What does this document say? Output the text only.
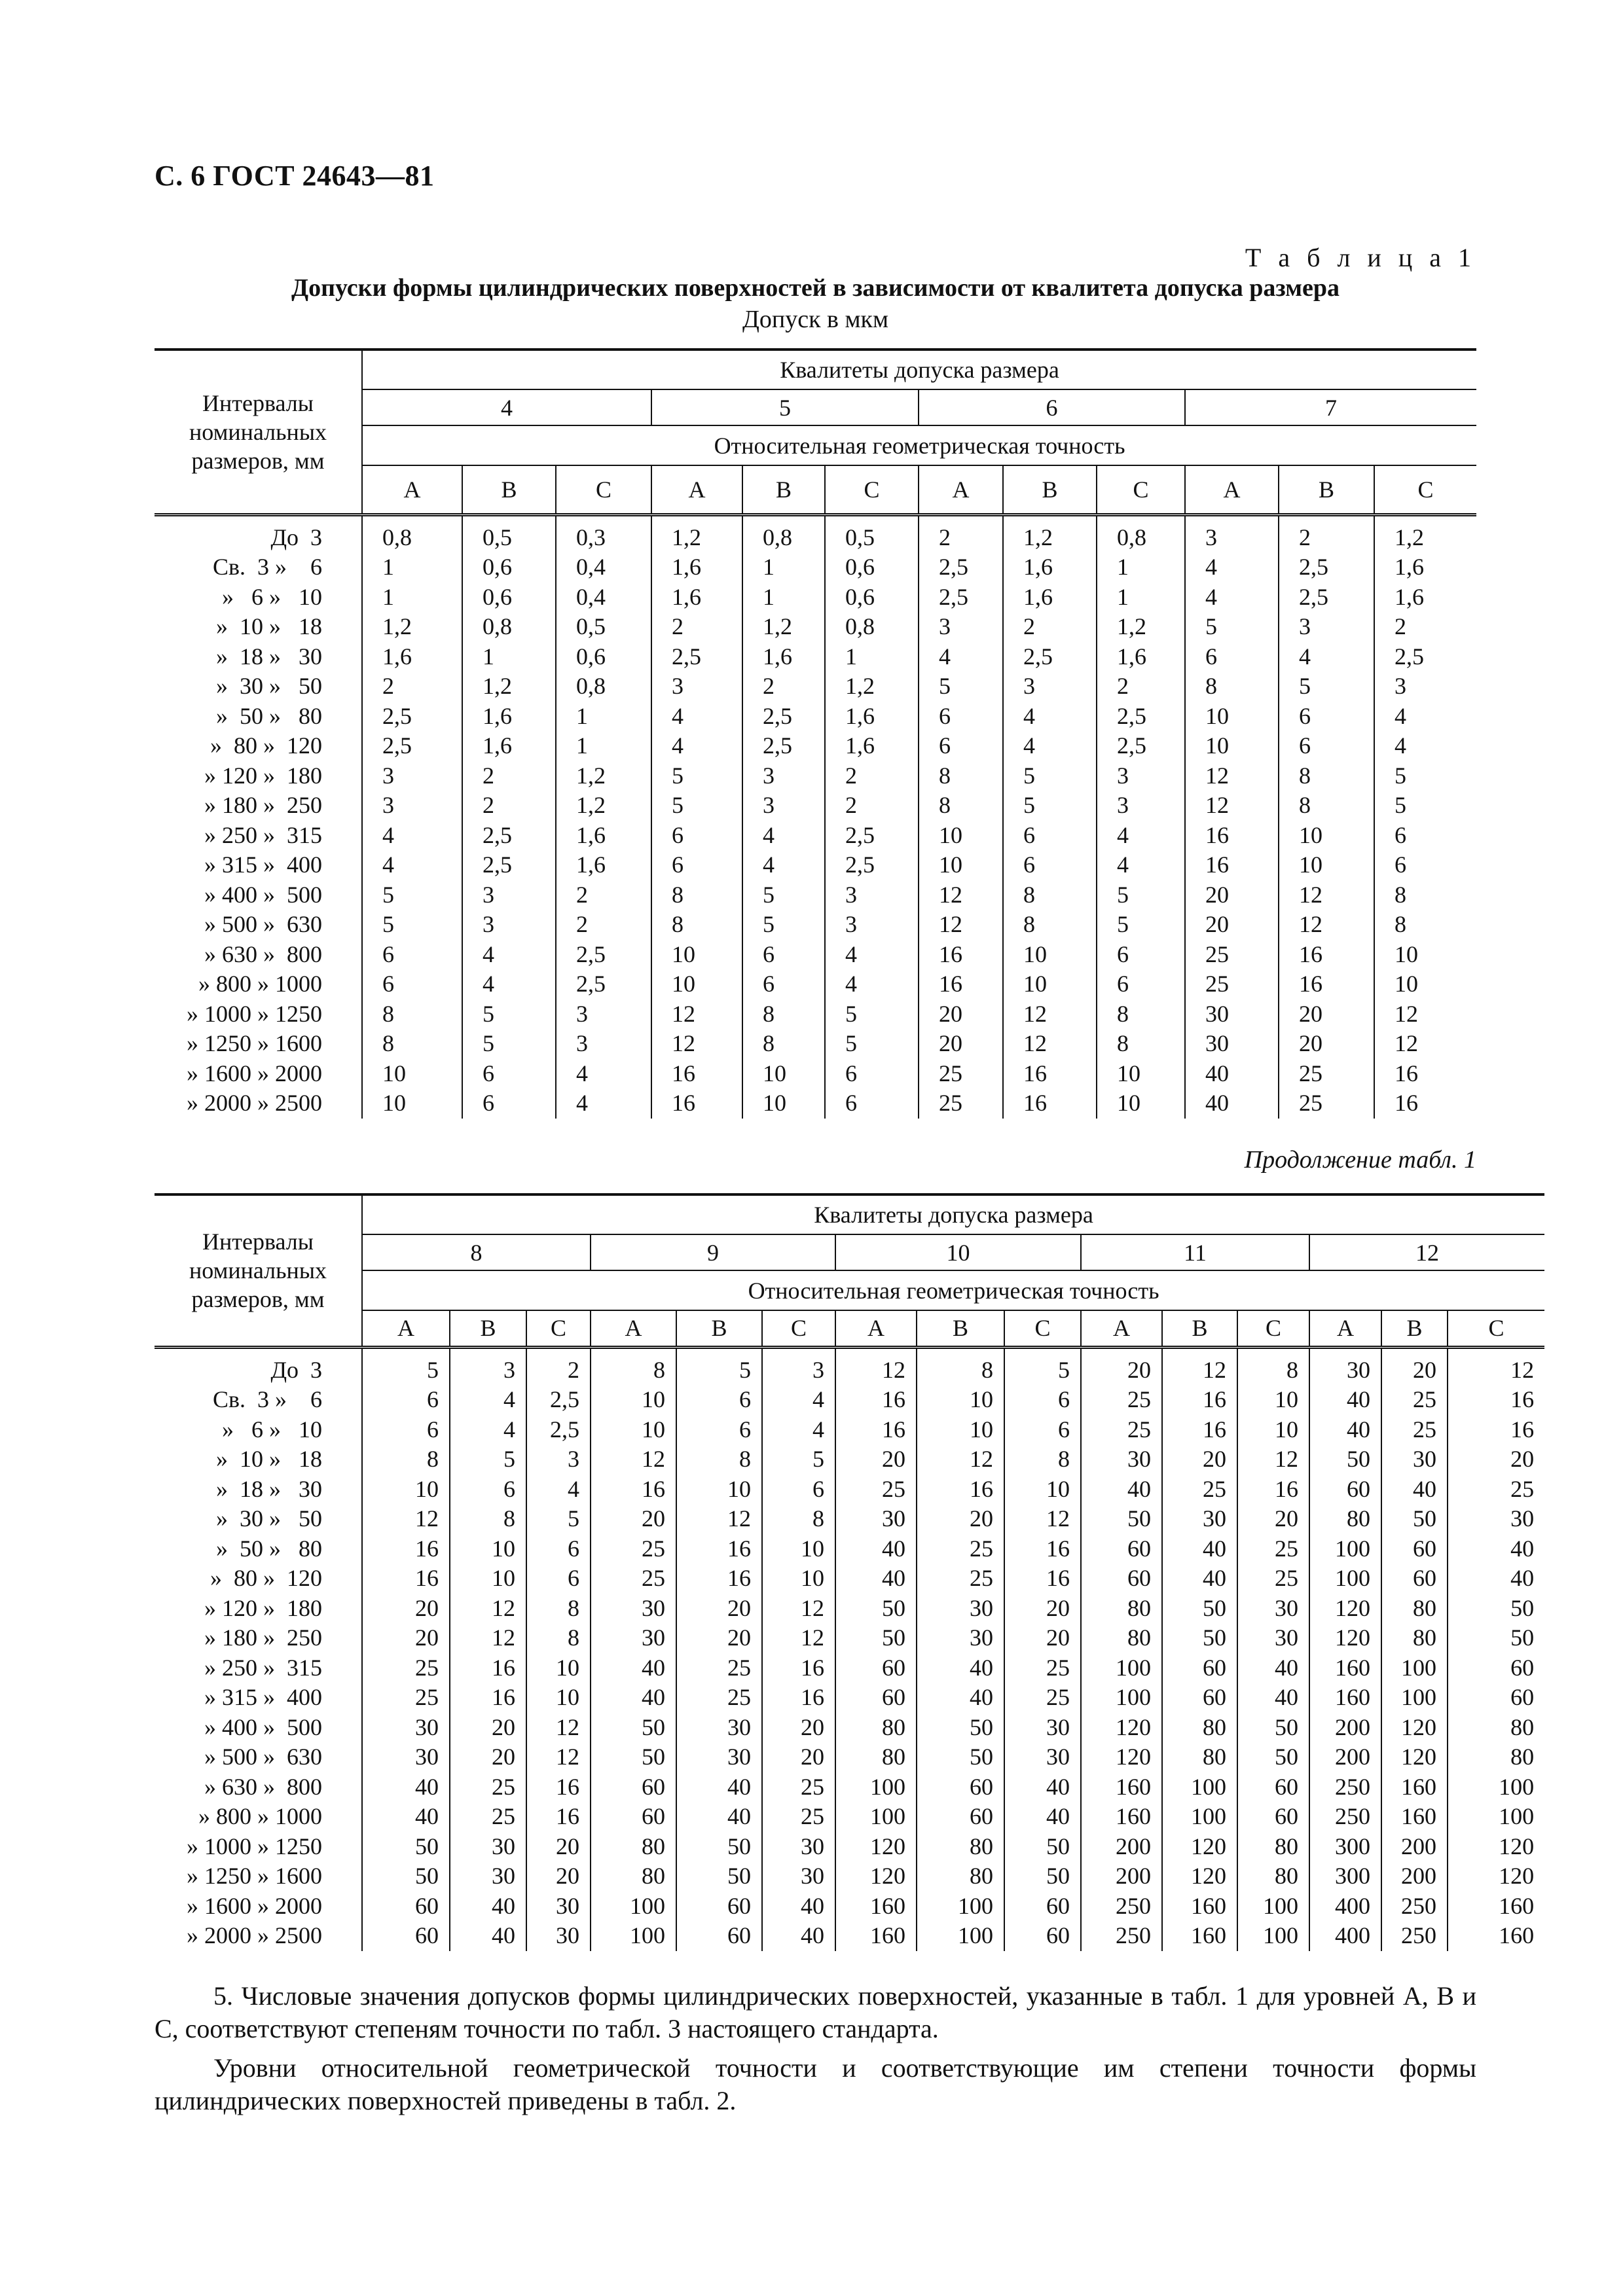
С. 6 ГОСТ 24643—81
Т а б л и ц а 1
Допуски формы цилиндрических поверхностей в зависимости от квалитета допуска размера
Допуск в мкм
Интервалы номинальных размеров, мм	Квалитеты допуска размера											
	4			5			6			7		
	Относительная геометрическая точность											
	A	B	C	A	B	C	A	B	C	A	B	C
До  3	0,8	0,5	0,3	1,2	0,8	0,5	2	1,2	0,8	3	2	1,2
Св.  3 »    6	1	0,6	0,4	1,6	1	0,6	2,5	1,6	1	4	2,5	1,6
»   6 »   10	1	0,6	0,4	1,6	1	0,6	2,5	1,6	1	4	2,5	1,6
»  10 »   18	1,2	0,8	0,5	2	1,2	0,8	3	2	1,2	5	3	2
»  18 »   30	1,6	1	0,6	2,5	1,6	1	4	2,5	1,6	6	4	2,5
»  30 »   50	2	1,2	0,8	3	2	1,2	5	3	2	8	5	3
»  50 »   80	2,5	1,6	1	4	2,5	1,6	6	4	2,5	10	6	4
»  80 »  120	2,5	1,6	1	4	2,5	1,6	6	4	2,5	10	6	4
» 120 »  180	3	2	1,2	5	3	2	8	5	3	12	8	5
» 180 »  250	3	2	1,2	5	3	2	8	5	3	12	8	5
» 250 »  315	4	2,5	1,6	6	4	2,5	10	6	4	16	10	6
» 315 »  400	4	2,5	1,6	6	4	2,5	10	6	4	16	10	6
» 400 »  500	5	3	2	8	5	3	12	8	5	20	12	8
» 500 »  630	5	3	2	8	5	3	12	8	5	20	12	8
» 630 »  800	6	4	2,5	10	6	4	16	10	6	25	16	10
» 800 » 1000	6	4	2,5	10	6	4	16	10	6	25	16	10
» 1000 » 1250	8	5	3	12	8	5	20	12	8	30	20	12
» 1250 » 1600	8	5	3	12	8	5	20	12	8	30	20	12
» 1600 » 2000	10	6	4	16	10	6	25	16	10	40	25	16
» 2000 » 2500	10	6	4	16	10	6	25	16	10	40	25	16
Продолжение табл. 1
Интервалы номинальных размеров, мм	Квалитеты допуска размера														
	8			9			10			11			12		
	Относительная геометрическая точность														
	A	B	C	A	B	C	A	B	C	A	B	C	A	B	C
До  3	5	3	2	8	5	3	12	8	5	20	12	8	30	20	12
Св.  3 »    6	6	4	2,5	10	6	4	16	10	6	25	16	10	40	25	16
»   6 »   10	6	4	2,5	10	6	4	16	10	6	25	16	10	40	25	16
»  10 »   18	8	5	3	12	8	5	20	12	8	30	20	12	50	30	20
»  18 »   30	10	6	4	16	10	6	25	16	10	40	25	16	60	40	25
»  30 »   50	12	8	5	20	12	8	30	20	12	50	30	20	80	50	30
»  50 »   80	16	10	6	25	16	10	40	25	16	60	40	25	100	60	40
»  80 »  120	16	10	6	25	16	10	40	25	16	60	40	25	100	60	40
» 120 »  180	20	12	8	30	20	12	50	30	20	80	50	30	120	80	50
» 180 »  250	20	12	8	30	20	12	50	30	20	80	50	30	120	80	50
» 250 »  315	25	16	10	40	25	16	60	40	25	100	60	40	160	100	60
» 315 »  400	25	16	10	40	25	16	60	40	25	100	60	40	160	100	60
» 400 »  500	30	20	12	50	30	20	80	50	30	120	80	50	200	120	80
» 500 »  630	30	20	12	50	30	20	80	50	30	120	80	50	200	120	80
» 630 »  800	40	25	16	60	40	25	100	60	40	160	100	60	250	160	100
» 800 » 1000	40	25	16	60	40	25	100	60	40	160	100	60	250	160	100
» 1000 » 1250	50	30	20	80	50	30	120	80	50	200	120	80	300	200	120
» 1250 » 1600	50	30	20	80	50	30	120	80	50	200	120	80	300	200	120
» 1600 » 2000	60	40	30	100	60	40	160	100	60	250	160	100	400	250	160
» 2000 » 2500	60	40	30	100	60	40	160	100	60	250	160	100	400	250	160
5. Числовые значения допусков формы цилиндрических поверхностей, указанные в табл. 1 для уровней А, В и С, соответствуют степеням точности по табл. 3 настоящего стандарта.
Уровни относительной геометрической точности и соответствующие им степени точности формы цилиндрических поверхностей приведены в табл. 2.
